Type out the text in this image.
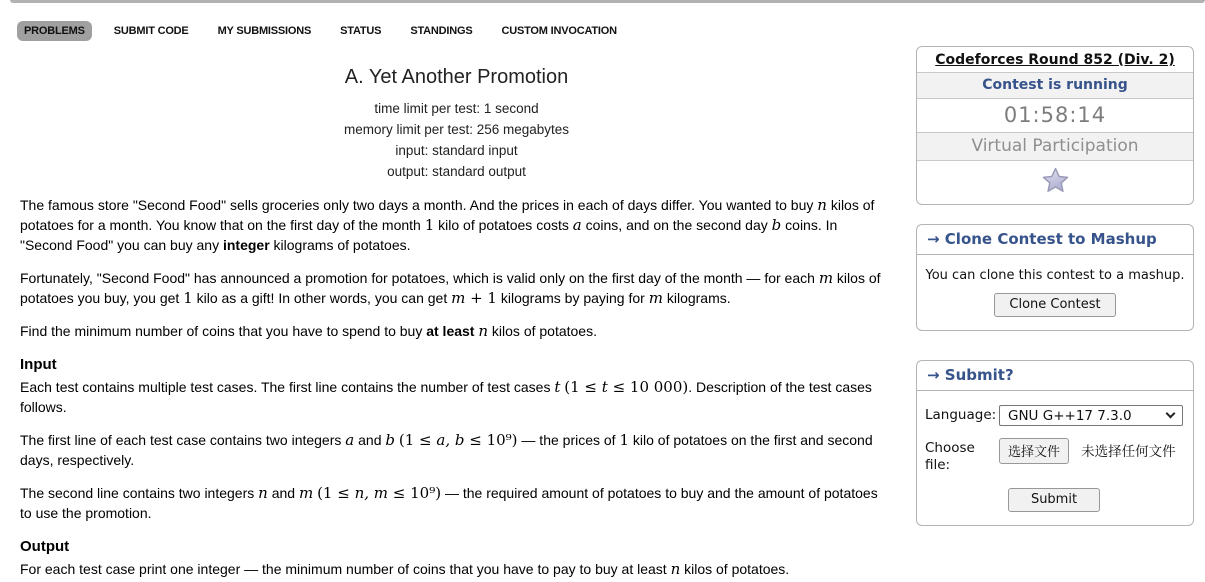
PROBLEMS	SUBMIT CODE	MY SUBMISSIONS	STATUS	STANDINGS	CUSTOM INVOCATION
A. Yet Another Promotion
time limit per test: 1 second
memory limit per test: 256 megabytes
input: standard input
output: standard output
The famous store "Second Food" sells groceries only two days a month. And the prices in each of days differ. You wanted to buy n kilos of potatoes for a month. You know that on the first day of the month 1 kilo of potatoes costs a coins, and on the second day b coins. In "Second Food" you can buy any integer kilograms of potatoes.
Fortunately, "Second Food" has announced a promotion for potatoes, which is valid only on the first day of the month — for each m kilos of potatoes you buy, you get 1 kilo as a gift! In other words, you can get m + 1 kilograms by paying for m kilograms.
Find the minimum number of coins that you have to spend to buy at least n kilos of potatoes.
Input
Each test contains multiple test cases. The first line contains the number of test cases t (1 ≤ t ≤ 10 000). Description of the test cases follows.
The first line of each test case contains two integers a and b (1 ≤ a, b ≤ 10⁹) — the prices of 1 kilo of potatoes on the first and second days, respectively.
The second line contains two integers n and m (1 ≤ n, m ≤ 10⁹) — the required amount of potatoes to buy and the amount of potatoes to use the promotion.
Output
For each test case print one integer — the minimum number of coins that you have to pay to buy at least n kilos of potatoes.
Codeforces Round 852 (Div. 2)
Contest is running
01:58:14
Virtual Participation
→ Clone Contest to Mashup
You can clone this contest to a mashup.
Clone Contest
→ Submit?
Language: GNU G++17 7.3.0
Choose file:
选择文件 未选择任何文件
Submit
